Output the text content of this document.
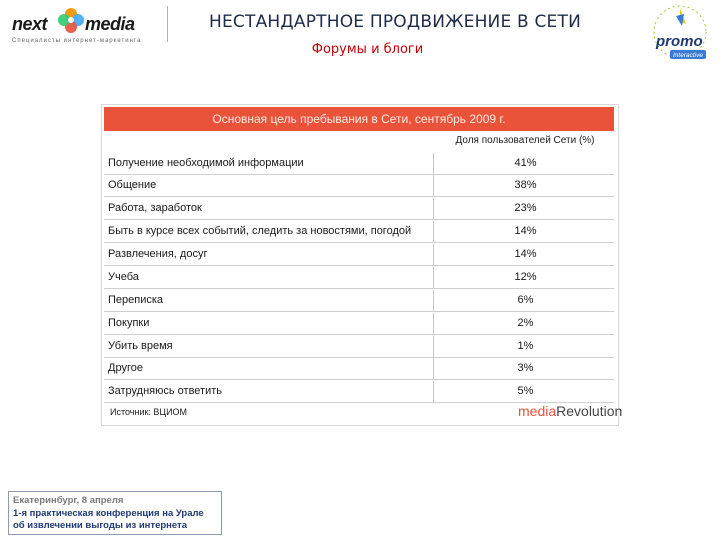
next media
Специалисты интернет-маркетинга
НЕСТАНДАРТНОЕ ПРОДВИЖЕНИЕ В СЕТИ
Форумы и блоги	promo
Interactive
Основная цель пребывания в Сети, сентябрь 2009 г.
Доля пользователей Сети (%)
Получение необходимой информации	41%
Общение	38%
Работа, заработок	23%
Быть в курсе всех событий, следить за новостями, погодой	14%
Развлечения, досуг	14%
Учеба	12%
Переписка	6%
Покупки	2%
Убить время	1%
Другое	3%
Затрудняюсь ответить	5%
Источник: ВЦИОМ	mediaRevolution
Екатеринбург, 8 апреля
1-я практическая конференция на Урале
об извлечении выгоды из интернета
